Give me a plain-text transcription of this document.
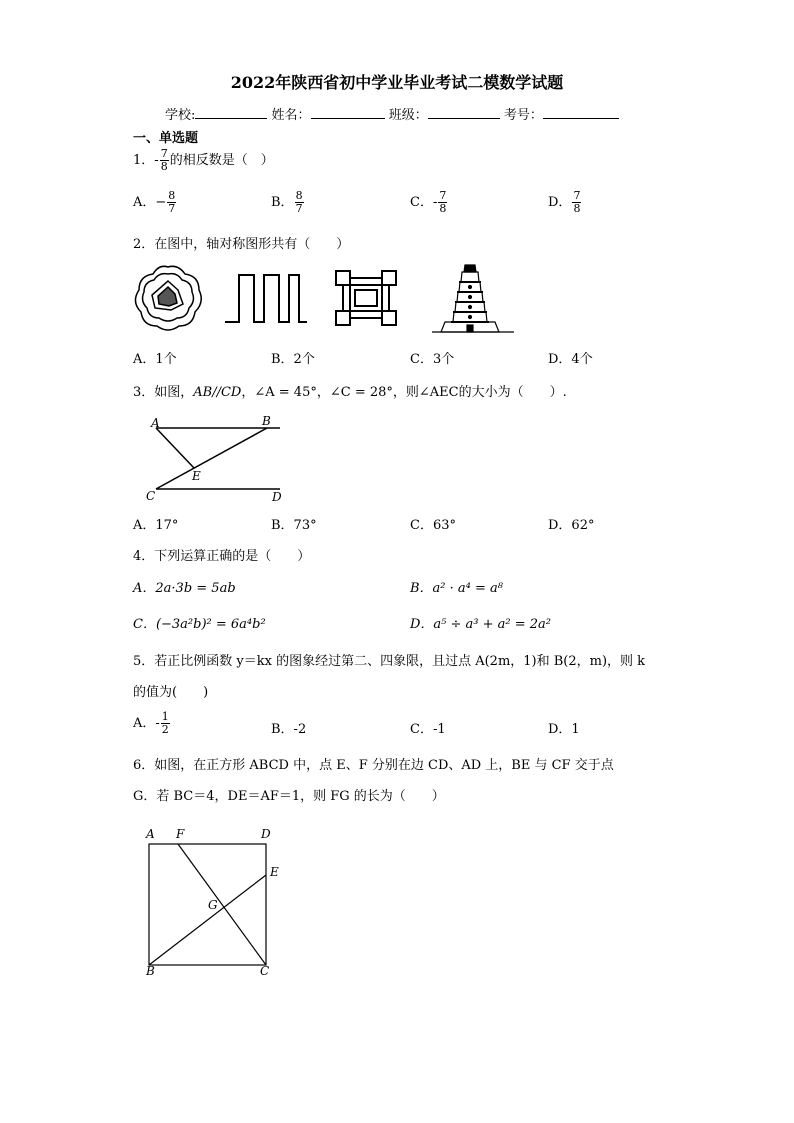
2022年陕西省初中学业毕业考试二模数学试题
学校:	姓名：	班级：	考号：
一、单选题
1．- $\frac{7}{8}$ 的相反数是（　）
A．− $\frac{8}{7}$	B． $\frac{8}{7}$	C．- $\frac{7}{8}$	D． $\frac{7}{8}$
2．在图中，轴对称图形共有（　　）
A．1个	B．2个	C．3个	D．4个
3．如图，AB//CD，∠A = 45°，∠C = 28°，则∠AEC的大小为（　　）.
A	B
E
C	D
A．17°	B．73°	C．63°	D．62°
4．下列运算正确的是（　　）
A．2a·3b = 5ab	B．a² · a⁴ = a⁸
C．(−3a²b)² = 6a⁴b²	D．a⁵ ÷ a³ + a² = 2a²
5．若正比例函数 y＝kx 的图象经过第二、四象限，且过点 A(2m，1)和 B(2，m)，则 k
的值为(　　)
A．- $\frac{1}{2}$	B．-2	C．-1	D．1
6．如图，在正方形 ABCD 中，点 E、F 分别在边 CD、AD 上，BE 与 CF 交于点
G．若 BC＝4，DE＝AF＝1，则 FG 的长为（　　）
A F	D
E
G
B	C
